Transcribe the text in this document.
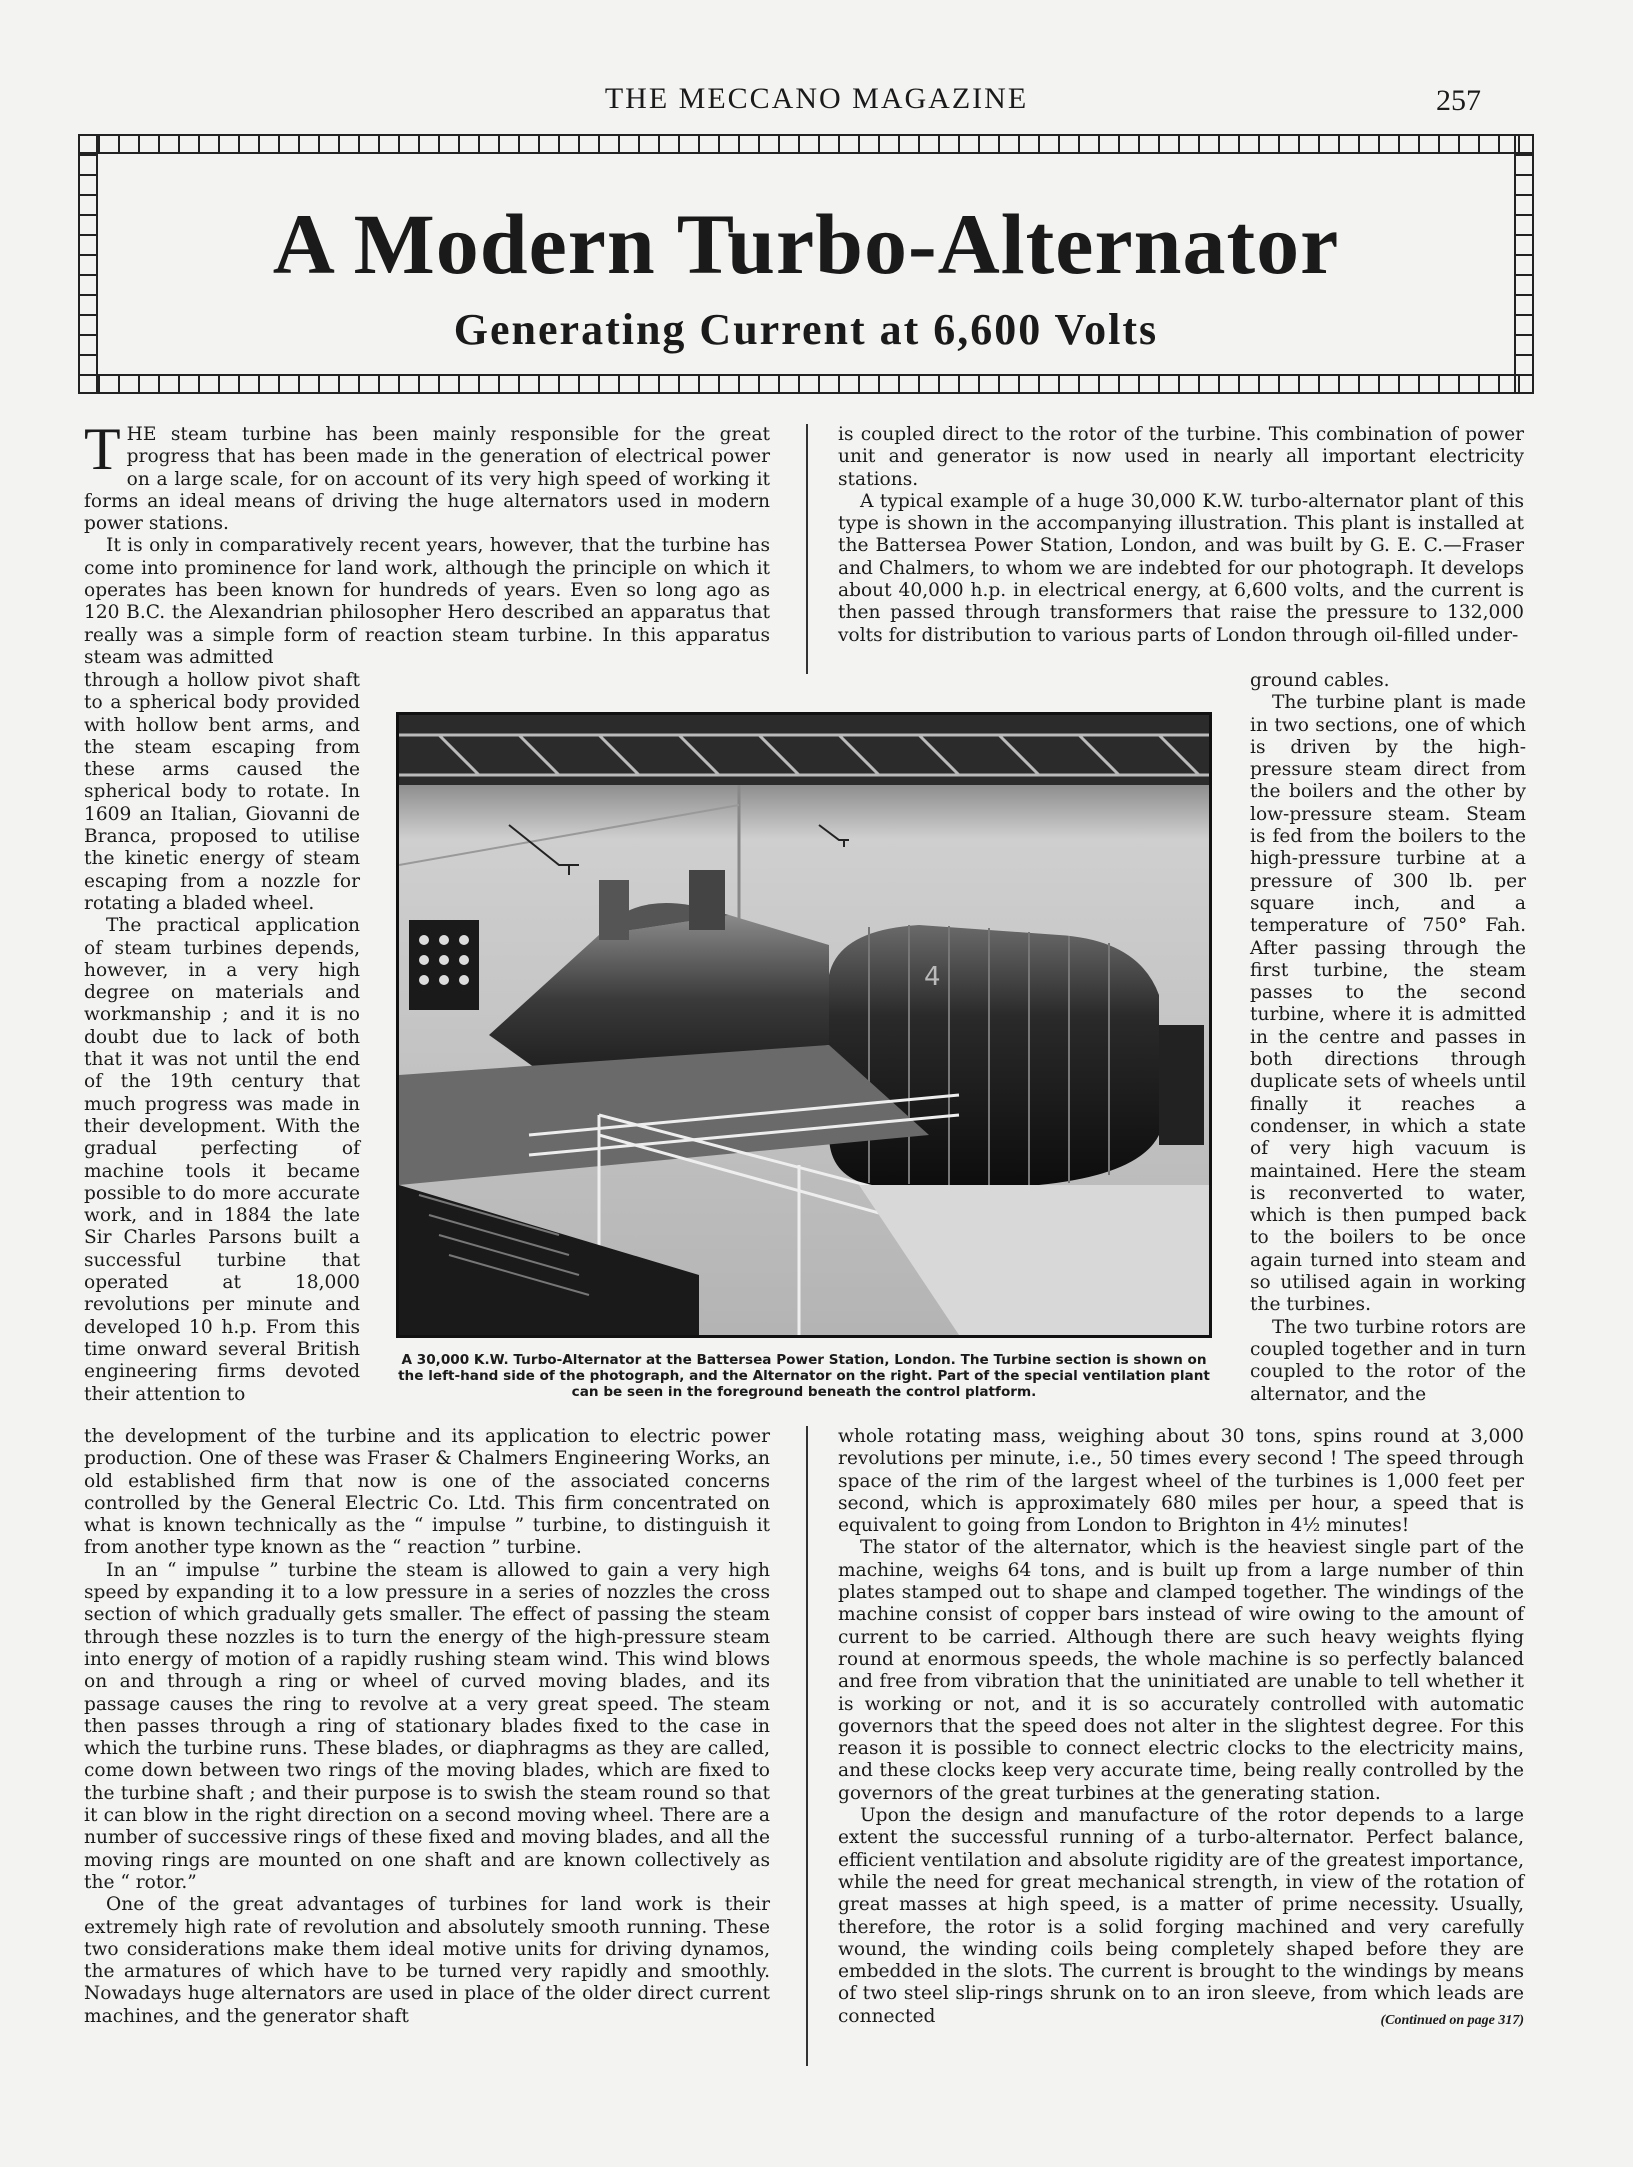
THE MECCANO MAGAZINE	257
A Modern Turbo-Alternator
Generating Current at 6,600 Volts

THE steam turbine has been mainly responsible for the great progress that has been made in the generation of electrical power on a large scale, for on account of its very high speed of working it forms an ideal means of driving the huge alternators used in modern power stations.

It is only in comparatively recent years, however, that the turbine has come into prominence for land work, although the principle on which it operates has been known for hundreds of years. Even so long ago as 120 B.C. the Alexandrian philosopher Hero described an apparatus that really was a simple form of reaction steam turbine. In this apparatus steam was admitted

through a hollow pivot shaft to a spherical body provided with hollow bent arms, and the steam escaping from these arms caused the spherical body to rotate. In 1609 an Italian, Giovanni de Branca, proposed to utilise the kinetic energy of steam escaping from a nozzle for rotating a bladed wheel.

The practical application of steam turbines depends, however, in a very high degree on materials and workmanship ; and it is no doubt due to lack of both that it was not until the end of the 19th century that much progress was made in their development. With the gradual perfecting of machine tools it became possible to do more accurate work, and in 1884 the late Sir Charles Parsons built a successful turbine that operated at 18,000 revolutions per minute and developed 10 h.p. From this time onward several British engineering firms devoted their attention to

the development of the turbine and its application to electric power production. One of these was Fraser & Chalmers Engineering Works, an old established firm that now is one of the associated concerns controlled by the General Electric Co. Ltd. This firm concentrated on what is known technically as the “ impulse ” turbine, to distinguish it from another type known as the “ reaction ” turbine.

In an “ impulse ” turbine the steam is allowed to gain a very high speed by expanding it to a low pressure in a series of nozzles the cross section of which gradually gets smaller. The effect of passing the steam through these nozzles is to turn the energy of the high-pressure steam into energy of motion of a rapidly rushing steam wind. This wind blows on and through a ring or wheel of curved moving blades, and its passage causes the ring to revolve at a very great speed. The steam then passes through a ring of stationary blades fixed to the case in which the turbine runs. These blades, or diaphragms as they are called, come down between two rings of the moving blades, which are fixed to the turbine shaft ; and their purpose is to swish the steam round so that it can blow in the right direction on a second moving wheel. There are a number of successive rings of these fixed and moving blades, and all the moving rings are mounted on one shaft and are known collectively as the “ rotor.”

One of the great advantages of turbines for land work is their extremely high rate of revolution and absolutely smooth running. These two considerations make them ideal motive units for driving dynamos, the armatures of which have to be turned very rapidly and smoothly. Nowadays huge alternators are used in place of the older direct current machines, and the generator shaft

is coupled direct to the rotor of the turbine. This combination of power unit and generator is now used in nearly all important electricity stations.

A typical example of a huge 30,000 K.W. turbo-alternator plant of this type is shown in the accompanying illustration. This plant is installed at the Battersea Power Station, London, and was built by G. E. C.—Fraser and Chalmers, to whom we are indebted for our photograph. It develops about 40,000 h.p. in electrical energy, at 6,600 volts, and the current is then passed through transformers that raise the pressure to 132,000 volts for distribution to various parts of London through oil-filled under-

ground cables.

The turbine plant is made in two sections, one of which is driven by the high-pressure steam direct from the boilers and the other by low-pressure steam. Steam is fed from the boilers to the high-pressure turbine at a pressure of 300 lb. per square inch, and a temperature of 750° Fah. After passing through the first turbine, the steam passes to the second turbine, where it is admitted in the centre and passes in both directions through duplicate sets of wheels until finally it reaches a condenser, in which a state of very high vacuum is maintained. Here the steam is reconverted to water, which is then pumped back to the boilers to be once again turned into steam and so utilised again in working the turbines.

The two turbine rotors are coupled together and in turn coupled to the rotor of the alternator, and the

whole rotating mass, weighing about 30 tons, spins round at 3,000 revolutions per minute, i.e., 50 times every second ! The speed through space of the rim of the largest wheel of the turbines is 1,000 feet per second, which is approximately 680 miles per hour, a speed that is equivalent to going from London to Brighton in 4½ minutes!

The stator of the alternator, which is the heaviest single part of the machine, weighs 64 tons, and is built up from a large number of thin plates stamped out to shape and clamped together. The windings of the machine consist of copper bars instead of wire owing to the amount of current to be carried. Although there are such heavy weights flying round at enormous speeds, the whole machine is so perfectly balanced and free from vibration that the uninitiated are unable to tell whether it is working or not, and it is so accurately controlled with automatic governors that the speed does not alter in the slightest degree. For this reason it is possible to connect electric clocks to the electricity mains, and these clocks keep very accurate time, being really controlled by the governors of the great turbines at the generating station.

Upon the design and manufacture of the rotor depends to a large extent the successful running of a turbo-alternator. Perfect balance, efficient ventilation and absolute rigidity are of the greatest importance, while the need for great mechanical strength, in view of the rotation of great masses at high speed, is a matter of prime necessity. Usually, therefore, the rotor is a solid forging machined and very carefully wound, the winding coils being completely shaped before they are embedded in the slots. The current is brought to the windings by means of two steel slip-rings shrunk on to an iron sleeve, from which leads are connected	(Continued on page 317)
4
A 30,000 K.W. Turbo-Alternator at the Battersea Power Station, London. The Turbine section is shown on the left-hand side of the photograph, and the Alternator on the right. Part of the special ventilation plant can be seen in the foreground beneath the control platform.
